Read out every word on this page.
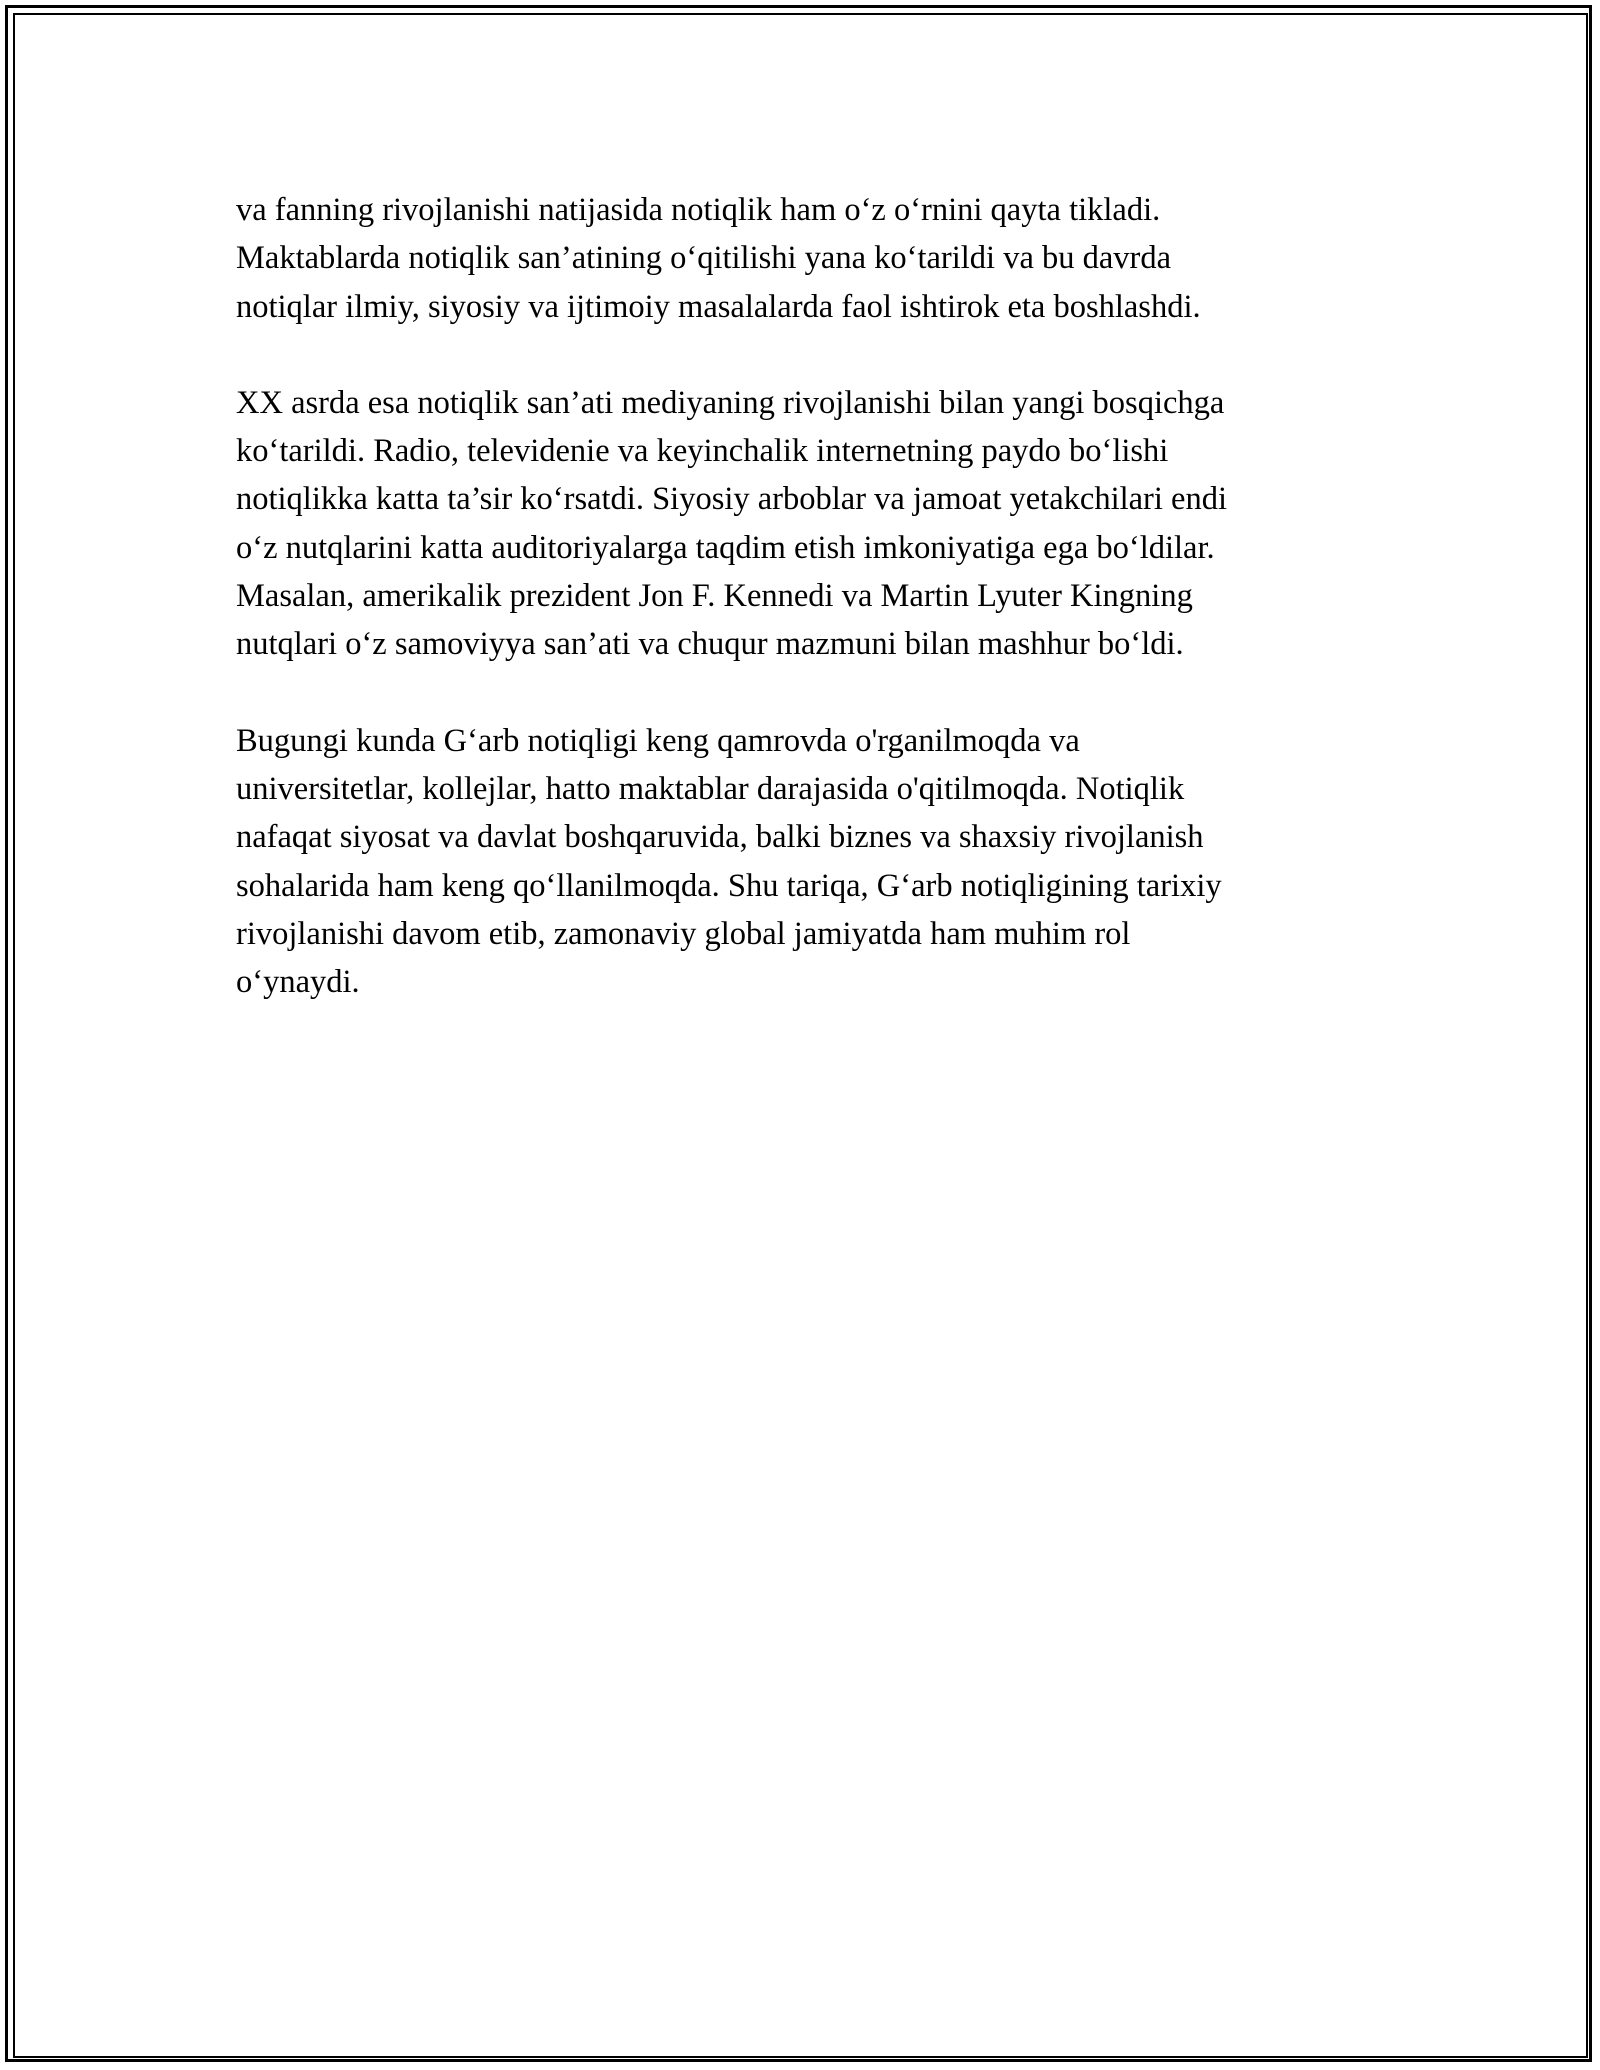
va fanning rivojlanishi natijasida notiqlik ham o‘z o‘rnini qayta tikladi.
Maktablarda notiqlik san’atining o‘qitilishi yana ko‘tarildi va bu davrda
notiqlar ilmiy, siyosiy va ijtimoiy masalalarda faol ishtirok eta boshlashdi.

XX asrda esa notiqlik san’ati mediyaning rivojlanishi bilan yangi bosqichga
ko‘tarildi. Radio, televidenie va keyinchalik internetning paydo bo‘lishi
notiqlikka katta ta’sir ko‘rsatdi. Siyosiy arboblar va jamoat yetakchilari endi
o‘z nutqlarini katta auditoriyalarga taqdim etish imkoniyatiga ega bo‘ldilar.
Masalan, amerikalik prezident Jon F. Kennedi va Martin Lyuter Kingning
nutqlari o‘z samoviyya san’ati va chuqur mazmuni bilan mashhur bo‘ldi.

Bugungi kunda G‘arb notiqligi keng qamrovda o'rganilmoqda va
universitetlar, kollejlar, hatto maktablar darajasida o'qitilmoqda. Notiqlik
nafaqat siyosat va davlat boshqaruvida, balki biznes va shaxsiy rivojlanish
sohalarida ham keng qo‘llanilmoqda. Shu tariqa, G‘arb notiqligining tarixiy
rivojlanishi davom etib, zamonaviy global jamiyatda ham muhim rol
o‘ynaydi.
